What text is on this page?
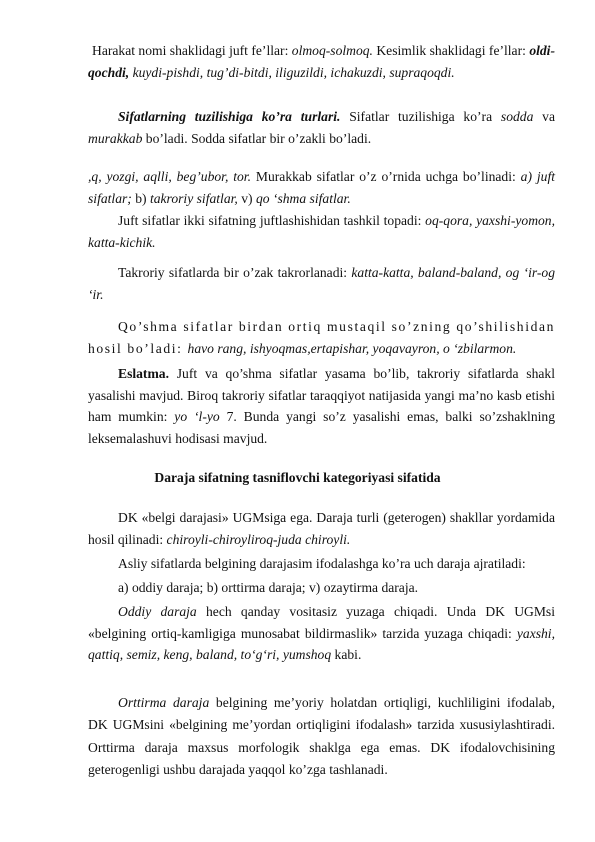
Harakat nomi shaklidagi juft fe’llar: olmoq-solmoq. Kesimlik shaklidagi fe’llar: oldi-qochdi, kuydi-pishdi, tug’di-bitdi, iliguzildi, ichakuzdi, supraqoqdi.
Sifatlarning tuzilishiga ko’ra turlari. Sifatlar tuzilishiga ko’ra sodda va murakkab bo’ladi. Sodda sifatlar bir o’zakli bo’ladi.
,q, yozgi, aqlli, beg’ubor, tor. Murakkab sifatlar o’z o’rnida uchga bo’linadi: a) juft sifatlar; b) takroriy sifatlar, v) qo ‘shma sifatlar.
Juft sifatlar ikki sifatning juftlashishidan tashkil topadi: oq-qora, yaxshi-yomon, katta-kichik.
Takroriy sifatlarda bir o’zak takrorlanadi: katta-katta, baland-baland, og ‘ir-og ‘ir.
Qo’shma sifatlar birdan ortiq mustaqil so’zning qo’shilishidan hosil bo’ladi: havo rang, ishyoqmas,ertapishar, yoqavayron, o ‘zbilarmon.
Eslatma. Juft va qo’shma sifatlar yasama bo’lib, takroriy sifatlarda shakl yasalishi mavjud. Biroq takroriy sifatlar taraqqiyot natijasida yangi ma’no kasb etishi ham mumkin: yo ‘l-yo 7. Bunda yangi so’z yasalishi emas, balki so’zshaklning leksemalashuvi hodisasi mavjud.
Daraja sifatning tasniflovchi kategoriyasi sifatida
DK «belgi darajasi» UGMsiga ega. Daraja turli (geterogen) shakllar yordamida hosil qilinadi: chiroyli-chiroyliroq-juda chiroyli.
Asliy sifatlarda belgining darajasim ifodalashga ko’ra uch daraja ajratiladi:
a) oddiy daraja; b) orttirma daraja; v) ozaytirma daraja.
Oddiy daraja hech qanday vositasiz yuzaga chiqadi. Unda DK UGMsi «belgining ortiq-kamligiga munosabat bildirmaslik» tarzida yuzaga chiqadi: yaxshi, qattiq, semiz, keng, baland, to‘g‘ri, yumshoq kabi.
Orttirma daraja belgining me’yoriy holatdan ortiqligi, kuchliligini ifodalab, DK UGMsini «belgining me’yordan ortiqligini ifodalash» tarzida xususiylashtiradi. Orttirma daraja maxsus morfologik shaklga ega emas. DK ifodalovchisining geterogenligi ushbu darajada yaqqol ko’zga tashlanadi.
